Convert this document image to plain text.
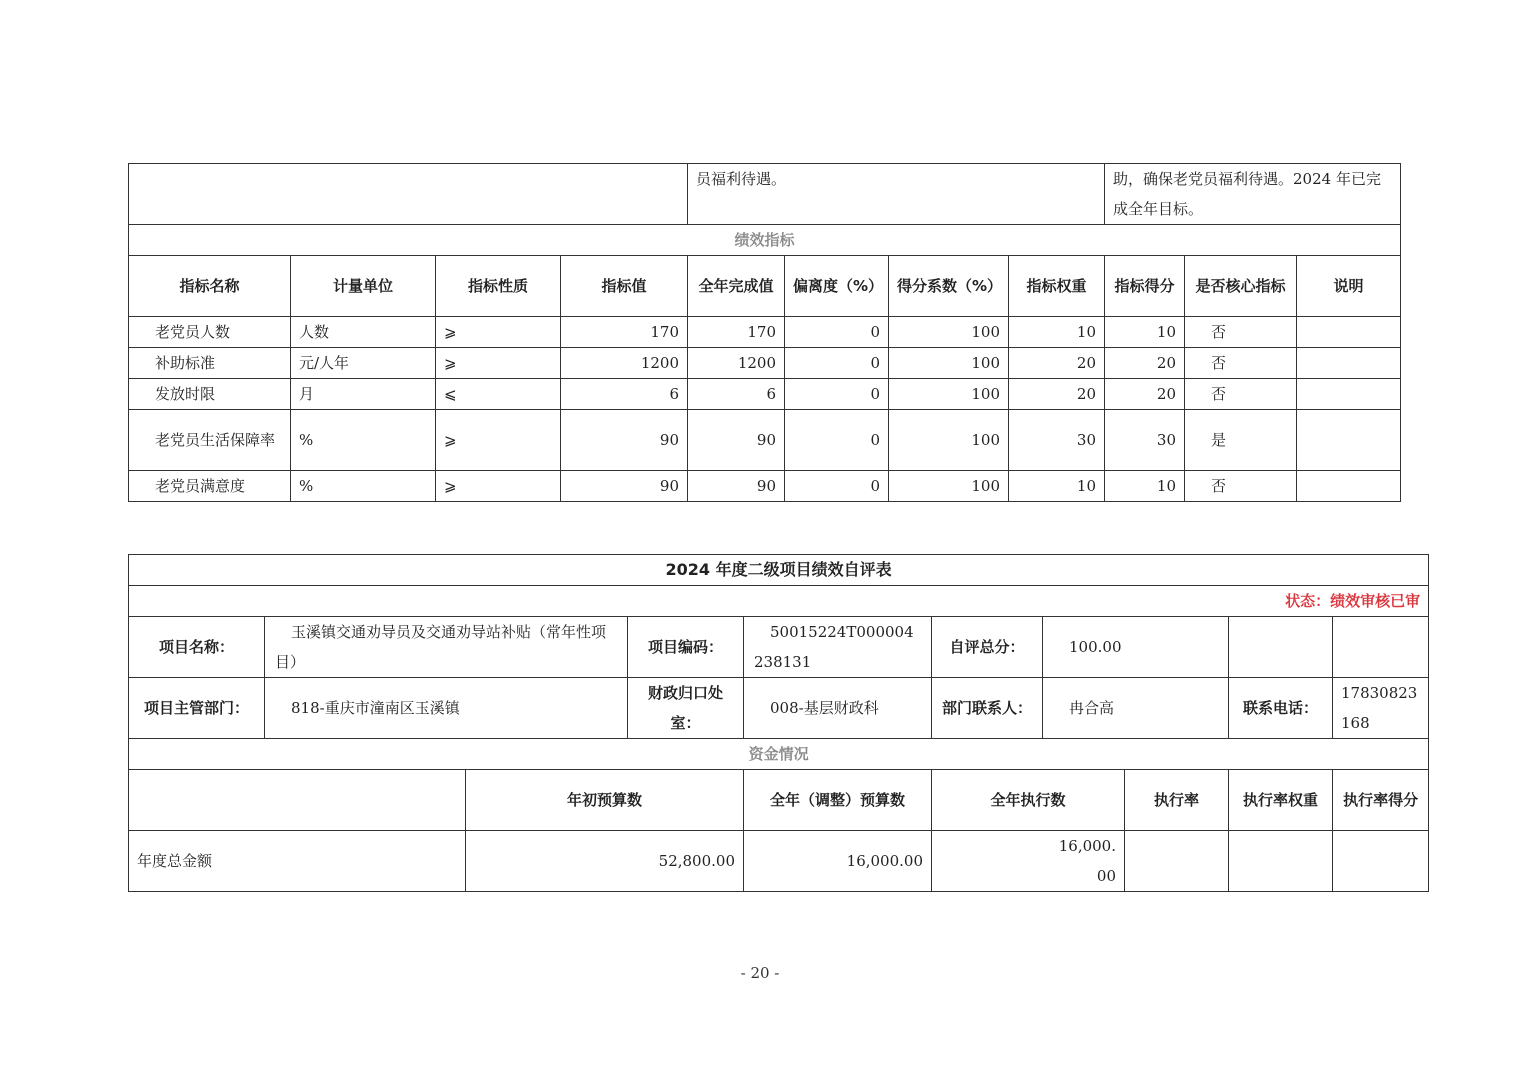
				员福利待遇。				助，确保老党员福利待遇。2024 年已完成全年目标。		
绩效指标										
指标名称	计量单位	指标性质	指标值	全年完成值	偏离度（%）	得分系数（%）	指标权重	指标得分	是否核心指标	说明
老党员人数	人数	⩾	170	170	0	100	10	10	否	
补助标准	元/人年	⩾	1200	1200	0	100	20	20	否	
发放时限	月	⩽	6	6	0	100	20	20	否	
老党员生活保障率	%	⩾	90	90	0	100	30	30	是	
老党员满意度	%	⩾	90	90	0	100	10	10	否	
2024 年度二级项目绩效自评表									
状态：绩效审核已审									
项目名称：	玉溪镇交通劝导员及交通劝导站补贴（常年性项目）		项目编码：	50015224T000004238131	自评总分：	100.00			
项目主管部门：	818-重庆市潼南区玉溪镇		财政归口处室：	008-基层财政科	部门联系人：	冉合高		联系电话：	17830823168
资金情况									
		年初预算数		全年（调整）预算数	全年执行数		执行率	执行率权重	执行率得分
年度总金额		52,800.00		16,000.00	16,000.00				
- 20 -
